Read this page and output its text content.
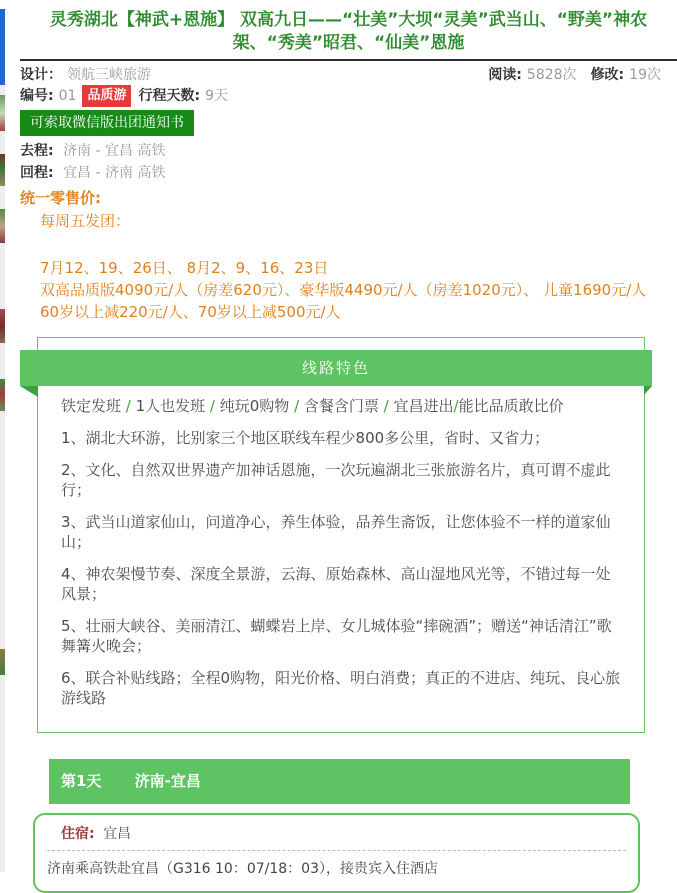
灵秀湖北【神武+恩施】 双高九日——“壮美”大坝“灵美”武当山、“野美”神农架、“秀美”昭君、“仙美”恩施
设计： 领航三峡旅游	阅读: 5828次 修改: 19次
编号: 01 品质游 行程天数: 9天
可索取微信版出团通知书
去程: 济南 - 宜昌 高铁
回程: 宜昌 - 济南 高铁
统一零售价:
每周五发团：
7月12、19、26日、 8月2、9、16、23日
双高品质版4090元/人（房差620元）、豪华版4490元/人（房差1020元）、 儿童1690元/人
60岁以上减220元/人、70岁以上减500元/人
线路特色

铁定发班 / 1人也发班 / 纯玩0购物 / 含餐含门票 / 宜昌进出/能比品质敢比价

1、湖北大环游，比别家三个地区联线车程少800多公里，省时、又省力；

2、文化、自然双世界遗产加神话恩施，一次玩遍湖北三张旅游名片，真可谓不虚此行；

3、武当山道家仙山，问道净心，养生体验，品养生斋饭，让您体验不一样的道家仙山；

4、神农架慢节奏、深度全景游，云海、原始森林、高山湿地风光等，不错过每一处风景；

5、壮丽大峡谷、美丽清江、蝴蝶岩上岸、女儿城体验“摔碗酒”；赠送“神话清江”歌舞篝火晚会；

6、联合补贴线路；全程0购物，阳光价格、明白消费；真正的不进店、纯玩、良心旅游线路

第1天 济南-宜昌
住宿: 宜昌
济南乘高铁赴宜昌（G316 10：07/18：03），接贵宾入住酒店
